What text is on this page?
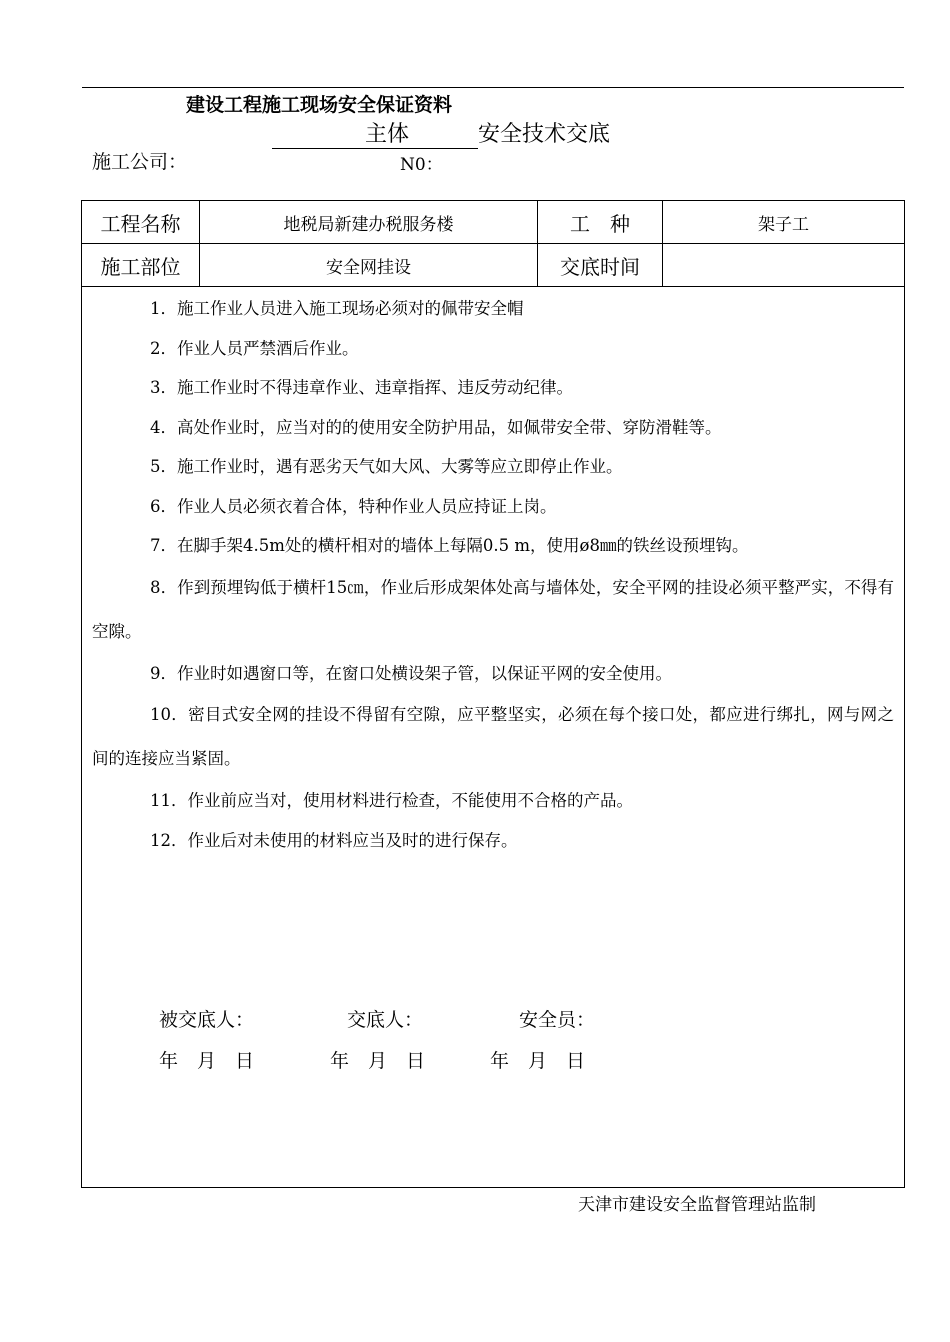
建设工程施工现场安全保证资料
主体	安全技术交底
施工公司：	N0：
工程名称	地税局新建办税服务楼	工　种	架子工
施工部位	安全网挂设	交底时间
1．施工作业人员进入施工现场必须对的佩带安全帽
2．作业人员严禁酒后作业。
3．施工作业时不得违章作业、违章指挥、违反劳动纪律。
4．高处作业时，应当对的的使用安全防护用品，如佩带安全带、穿防滑鞋等。
5．施工作业时，遇有恶劣天气如大风、大雾等应立即停止作业。
6．作业人员必须衣着合体，特种作业人员应持证上岗。
7．在脚手架4.5m处的横杆相对的墙体上每隔0.5 m，使用ø8㎜的铁丝设预埋钩。
8．作到预埋钩低于横杆15㎝，作业后形成架体处高与墙体处，安全平网的挂设必须平整严实，不得有空隙。
9．作业时如遇窗口等，在窗口处横设架子管，以保证平网的安全使用。
10．密目式安全网的挂设不得留有空隙，应平整坚实，必须在每个接口处，都应进行绑扎，网与网之间的连接应当紧固。
11．作业前应当对，使用材料进行检查，不能使用不合格的产品。
12．作业后对未使用的材料应当及时的进行保存。
被交底人：	交底人：	安全员：
年　月　日	年　月　日	年　月　日
天津市建设安全监督管理站监制
